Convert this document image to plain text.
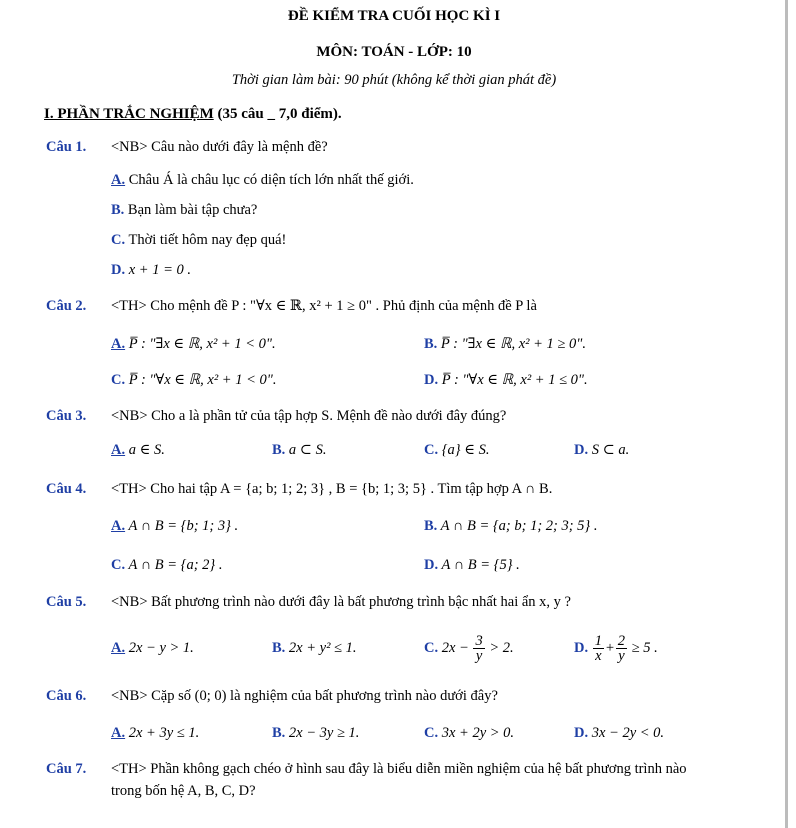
ĐỀ KIỂM TRA CUỐI HỌC KÌ I
MÔN: TOÁN - LỚP: 10
Thời gian làm bài: 90 phút (không kể thời gian phát đề)
I. PHẦN TRẮC NGHIỆM (35 câu _ 7,0 điểm).
Câu 1. <NB> Câu nào dưới đây là mệnh đề?
A. Châu Á là châu lục có diện tích lớn nhất thế giới.
B. Bạn làm bài tập chưa?
C. Thời tiết hôm nay đẹp quá!
D. x + 1 = 0 .
Câu 2. <TH> Cho mệnh đề P : "∀x ∈ ℝ, x² + 1 ≥ 0" . Phủ định của mệnh đề P là
A. P̅ : "∃x ∈ ℝ, x² + 1 < 0".	B. P̅ : "∃x ∈ ℝ, x² + 1 ≥ 0".
C. P̅ : "∀x ∈ ℝ, x² + 1 < 0".	D. P̅ : "∀x ∈ ℝ, x² + 1 ≤ 0".
Câu 3. <NB> Cho a là phần tử của tập hợp S. Mệnh đề nào dưới đây đúng?
A. a ∈ S.	B. a ⊂ S.	C. {a} ∈ S.	D. S ⊂ a.
Câu 4. <TH> Cho hai tập A = {a; b; 1; 2; 3} , B = {b; 1; 3; 5} . Tìm tập hợp A ∩ B.
A. A ∩ B = {b; 1; 3} .	B. A ∩ B = {a; b; 1; 2; 3; 5} .
C. A ∩ B = {a; 2} .	D. A ∩ B = {5} .
Câu 5. <NB> Bất phương trình nào dưới đây là bất phương trình bậc nhất hai ẩn x, y ?
A. 2x − y > 1.	B. 2x + y² ≤ 1.	C. $2x - \frac{3}{y} > 2$.	D.
$\frac{1}{x} + \frac{2}{y} \ge 5$ .
Câu 6. <NB> Cặp số (0; 0) là nghiệm của bất phương trình nào dưới đây?
A. 2x + 3y ≤ 1.	B. 2x − 3y ≥ 1.	C. 3x + 2y > 0.	D. 3x − 2y < 0.
Câu 7. <TH> Phần không gạch chéo ở hình sau đây là biểu diễn miền nghiệm của hệ bất phương trình nào
trong bốn hệ A, B, C, D?
